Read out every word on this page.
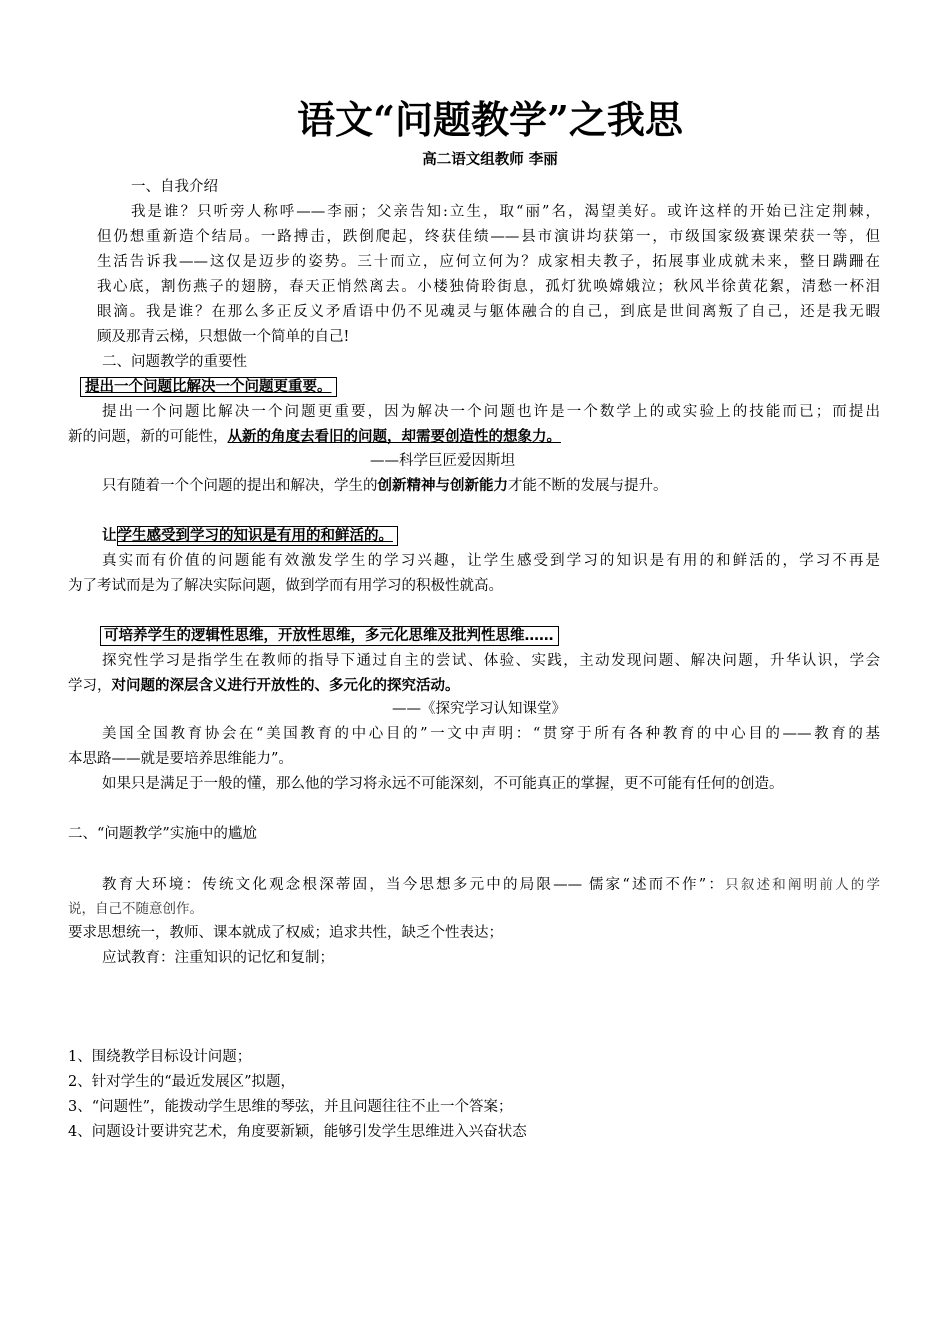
语文“问题教学”之我思
高二语文组教师 李丽
一、自我介绍
我是谁？只听旁人称呼——李丽；父亲告知:立生，取“丽”名，渴望美好。或许这样的开始已注定荆棘，
但仍想重新造个结局。一路搏击，跌倒爬起，终获佳绩——县市演讲均获第一，市级国家级赛课荣获一等，但
生活告诉我——这仅是迈步的姿势。三十而立，应何立何为？成家相夫教子，拓展事业成就未来，整日蹒跚在
我心底，割伤燕子的翅膀，春天正悄然离去。小楼独倚聆街息，孤灯犹唤嫦娥泣；秋风半徐黄花絮，清愁一杯泪
眼滴。我是谁？在那么多正反义矛盾语中仍不见魂灵与躯体融合的自己，到底是世间离叛了自己，还是我无暇
顾及那青云梯，只想做一个简单的自己!
二、问题教学的重要性
提出一个问题比解决一个问题更重要。
提出一个问题比解决一个问题更重要，因为解决一个问题也许是一个数学上的或实验上的技能而已；而提出
新的问题，新的可能性，从新的角度去看旧的问题，却需要创造性的想象力。
——科学巨匠爱因斯坦
只有随着一个个问题的提出和解决，学生的创新精神与创新能力才能不断的发展与提升。
让学生感受到学习的知识是有用的和鲜活的。
真实而有价值的问题能有效激发学生的学习兴趣，让学生感受到学习的知识是有用的和鲜活的，学习不再是
为了考试而是为了解决实际问题，做到学而有用学习的积极性就高。
可培养学生的逻辑性思维，开放性思维，多元化思维及批判性思维……
探究性学习是指学生在教师的指导下通过自主的尝试、体验、实践，主动发现问题、解决问题，升华认识，学会
学习，对问题的深层含义进行开放性的、多元化的探究活动。
——《探究学习认知课堂》
美国全国教育协会在“美国教育的中心目的”一文中声明：“贯穿于所有各种教育的中心目的——教育的基
本思路——就是要培养思维能力”。
如果只是满足于一般的懂，那么他的学习将永远不可能深刻，不可能真正的掌握，更不可能有任何的创造。
二、“问题教学”实施中的尴尬
教育大环境：传统文化观念根深蒂固，当今思想多元中的局限—— 儒家“述而不作”：只叙述和阐明前人的学
说，自己不随意创作。
要求思想统一，教师、课本就成了权威；追求共性，缺乏个性表达；
应试教育：注重知识的记忆和复制；
1、围绕教学目标设计问题；
2、针对学生的“最近发展区”拟题，
3、“问题性”，能拨动学生思维的琴弦，并且问题往往不止一个答案；
4、问题设计要讲究艺术，角度要新颖，能够引发学生思维进入兴奋状态
